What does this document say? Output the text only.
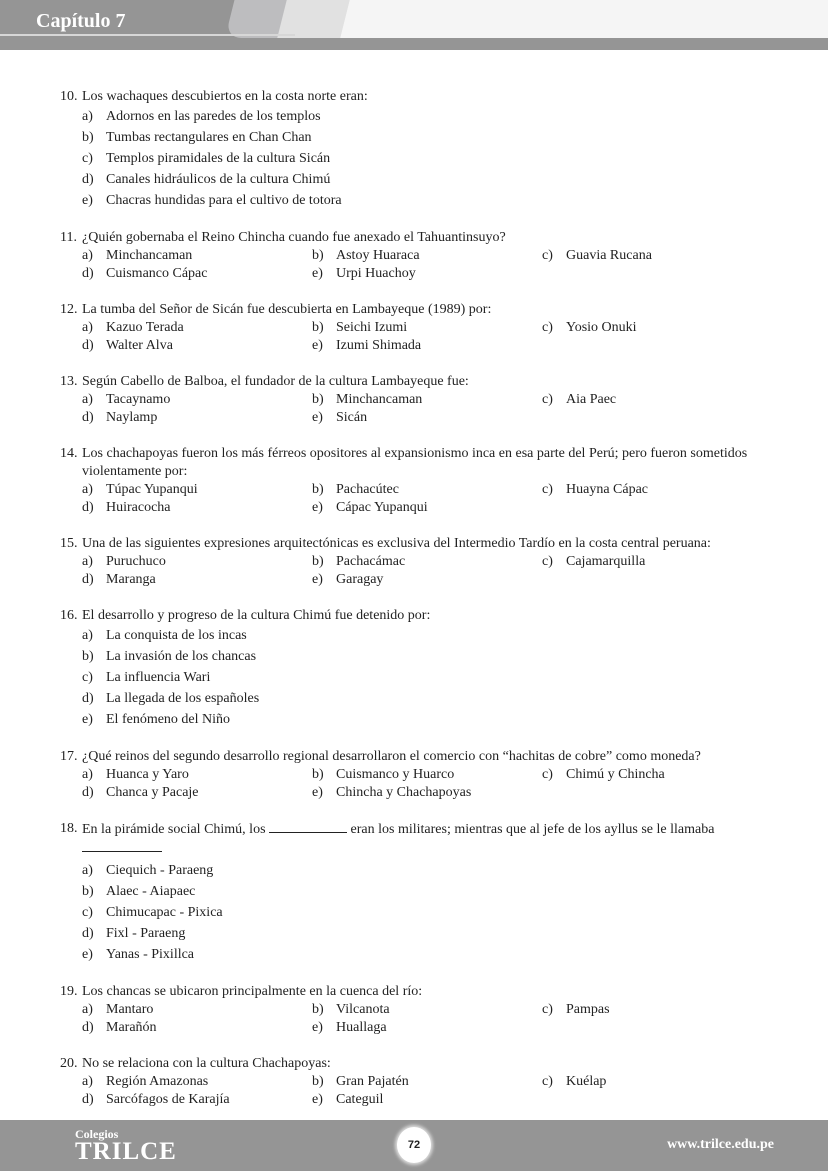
Capítulo 7
10. Los wachaques descubiertos en la costa norte eran:
a) Adornos en las paredes de los templos
b) Tumbas rectangulares en Chan Chan
c) Templos piramidales de la cultura Sicán
d) Canales hidráulicos de la cultura Chimú
e) Chacras hundidas para el cultivo de totora
11. ¿Quién gobernaba el Reino Chincha cuando fue anexado el Tahuantinsuyo?
a) Minchancaman	b) Astoy Huaraca	c) Guavia Rucana
d) Cuismanco Cápac	e) Urpi Huachoy
12. La tumba del Señor de Sicán fue descubierta en Lambayeque (1989) por:
a) Kazuo Terada	b) Seichi Izumi	c) Yosio Onuki
d) Walter Alva	e) Izumi Shimada
13. Según Cabello de Balboa, el fundador de la cultura Lambayeque fue:
a) Tacaynamo	b) Minchancaman	c) Aia Paec
d) Naylamp	e) Sicán
14. Los chachapoyas fueron los más férreos opositores al expansionismo inca en esa parte del Perú; pero fueron sometidos violentamente por:
a) Túpac Yupanqui	b) Pachacútec	c) Huayna Cápac
d) Huiracocha	e) Cápac Yupanqui
15. Una de las siguientes expresiones arquitectónicas es exclusiva del Intermedio Tardío en la costa central peruana:
a) Puruchuco	b) Pachacámac	c) Cajamarquilla
d) Maranga	e) Garagay
16. El desarrollo y progreso de la cultura Chimú fue detenido por:
a) La conquista de los incas
b) La invasión de los chancas
c) La influencia Wari
d) La llegada de los españoles
e) El fenómeno del Niño
17. ¿Qué reinos del segundo desarrollo regional desarrollaron el comercio con “hachitas de cobre” como moneda?
a) Huanca y Yaro	b) Cuismanco y Huarco	c) Chimú y Chincha
d) Chanca y Pacaje	e) Chincha y Chachapoyas
18. En la pirámide social Chimú, los	eran los militares; mientras que al jefe de los ayllus se le llamaba
a) Ciequich - Paraeng
b) Alaec - Aiapaec
c) Chimucapac - Pixica
d) Fixl - Paraeng
e) Yanas - Pixillca
19. Los chancas se ubicaron principalmente en la cuenca del río:
a) Mantaro	b) Vilcanota	c) Pampas
d) Marañón	e) Huallaga
20. No se relaciona con la cultura Chachapoyas:
a) Región Amazonas	b) Gran Pajatén	c) Kuélap
d) Sarcófagos de Karajía	e) Categuil
Colegios
TRILCE	72	www.trilce.edu.pe
